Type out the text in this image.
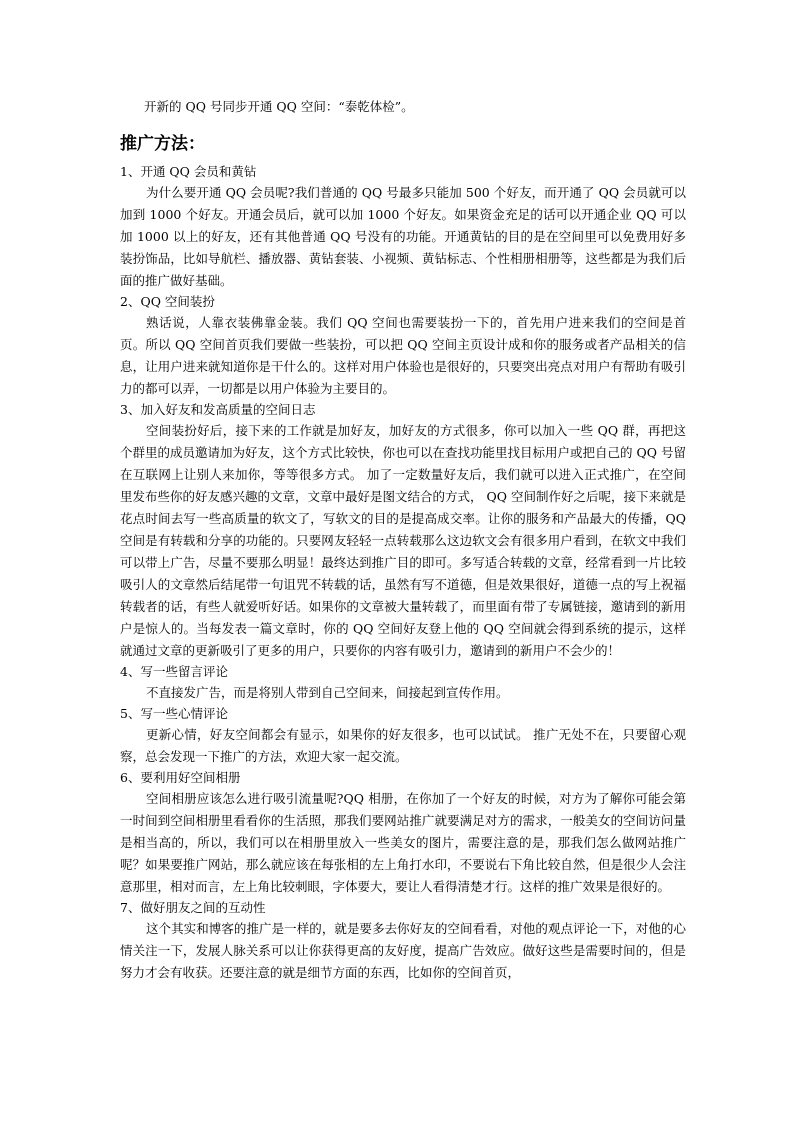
开新的 QQ 号同步开通 QQ 空间：“泰乾体检”。

推广方法：

1、开通 QQ 会员和黄钻

为什么要开通 QQ 会员呢?我们普通的 QQ 号最多只能加 500 个好友，而开通了 QQ 会员就可以加到 1000 个好友。开通会员后，就可以加 1000 个好友。如果资金充足的话可以开通企业 QQ 可以加 1000 以上的好友，还有其他普通 QQ 号没有的功能。开通黄钻的目的是在空间里可以免费用好多装扮饰品，比如导航栏、播放器、黄钻套装、小视频、黄钻标志、个性相册相册等，这些都是为我们后面的推广做好基础。

2、QQ 空间装扮

熟话说，人靠衣装佛靠金装。我们 QQ 空间也需要装扮一下的，首先用户进来我们的空间是首页。所以 QQ 空间首页我们要做一些装扮，可以把 QQ 空间主页设计成和你的服务或者产品相关的信息，让用户进来就知道你是干什么的。这样对用户体验也是很好的，只要突出亮点对用户有帮助有吸引力的都可以弄，一切都是以用户体验为主要目的。

3、加入好友和发高质量的空间日志

空间装扮好后，接下来的工作就是加好友，加好友的方式很多，你可以加入一些 QQ 群，再把这个群里的成员邀请加为好友，这个方式比较快，你也可以在查找功能里找目标用户或把自己的 QQ 号留在互联网上让别人来加你，等等很多方式。 加了一定数量好友后，我们就可以进入正式推广，在空间里发布些你的好友感兴趣的文章，文章中最好是图文结合的方式， QQ 空间制作好之后呢，接下来就是花点时间去写一些高质量的软文了，写软文的目的是提高成交率。让你的服务和产品最大的传播，QQ 空间是有转载和分享的功能的。只要网友轻轻一点转载那么这边软文会有很多用户看到，在软文中我们可以带上广告，尽量不要那么明显！最终达到推广目的即可。多写适合转载的文章，经常看到一片比较吸引人的文章然后结尾带一句诅咒不转载的话，虽然有写不道德，但是效果很好，道德一点的写上祝福转载者的话，有些人就爱听好话。如果你的文章被大量转载了，而里面有带了专属链接，邀请到的新用户是惊人的。当每发表一篇文章时，你的 QQ 空间好友登上他的 QQ 空间就会得到系统的提示，这样就通过文章的更新吸引了更多的用户，只要你的内容有吸引力，邀请到的新用户不会少的！

4、写一些留言评论

不直接发广告，而是将别人带到自己空间来，间接起到宣传作用。

5、写一些心情评论

更新心情，好友空间都会有显示，如果你的好友很多，也可以试试。 推广无处不在，只要留心观察，总会发现一下推广的方法，欢迎大家一起交流。

6、要利用好空间相册

空间相册应该怎么进行吸引流量呢?QQ 相册，在你加了一个好友的时候，对方为了解你可能会第一时间到空间相册里看看你的生活照，那我们要网站推广就要满足对方的需求，一般美女的空间访问量是相当高的，所以，我们可以在相册里放入一些美女的图片，需要注意的是，那我们怎么做网站推广呢？如果要推广网站，那么就应该在每张相的左上角打水印，不要说右下角比较自然，但是很少人会注意那里，相对而言，左上角比较刺眼，字体要大，要让人看得清楚才行。这样的推广效果是很好的。

7、做好朋友之间的互动性

这个其实和博客的推广是一样的，就是要多去你好友的空间看看，对他的观点评论一下，对他的心情关注一下，发展人脉关系可以让你获得更高的友好度，提高广告效应。做好这些是需要时间的，但是努力才会有收获。还要注意的就是细节方面的东西，比如你的空间首页，
